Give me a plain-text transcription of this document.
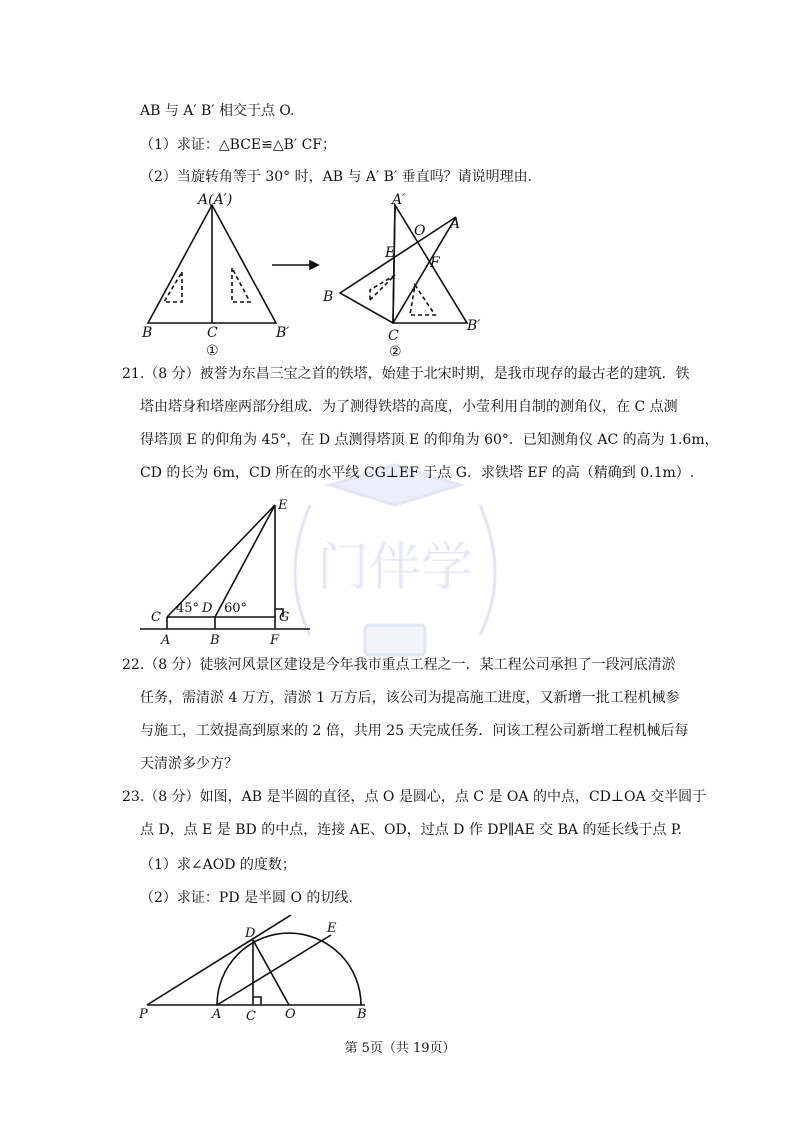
门伴学
AB 与 A′ B′ 相交于点 O.
（1）求证：△BCE≌△B′ CF；
（2）当旋转角等于 30° 时，AB 与 A′ B′ 垂直吗？请说明理由.
A(A′)
B	C	B′
①
A′
O A
E
F
B
C
B′
②
21.（8 分）被誉为东昌三宝之首的铁塔，始建于北宋时期，是我市现存的最古老的建筑．铁
塔由塔身和塔座两部分组成．为了测得铁塔的高度，小莹利用自制的测角仪，在 C 点测
得塔顶 E 的仰角为 45°，在 D 点测得塔顶 E 的仰角为 60°．已知测角仪 AC 的高为 1.6m，
CD 的长为 6m，CD 所在的水平线 CG⊥EF 于点 G．求铁塔 EF 的高（精确到 0.1m）.
E
C
45° D 60°
G
A	B	F
22.（8 分）徒骇河风景区建设是今年我市重点工程之一．某工程公司承担了一段河底清淤
任务，需清淤 4 万方，清淤 1 万方后，该公司为提高施工进度，又新增一批工程机械参
与施工，工效提高到原来的 2 倍，共用 25 天完成任务．问该工程公司新增工程机械后每
天清淤多少方？
23.（8 分）如图，AB 是半圆的直径，点 O 是圆心，点 C 是 OA 的中点，CD⊥OA 交半圆于
点 D，点 E 是 BD 的中点，连接 AE、OD，过点 D 作 DP∥AE 交 BA 的延长线于点 P.
（1）求∠AOD 的度数；
（2）求证：PD 是半圆 O 的切线.
D	E
P	A C O	B
第 5页（共 19页）
